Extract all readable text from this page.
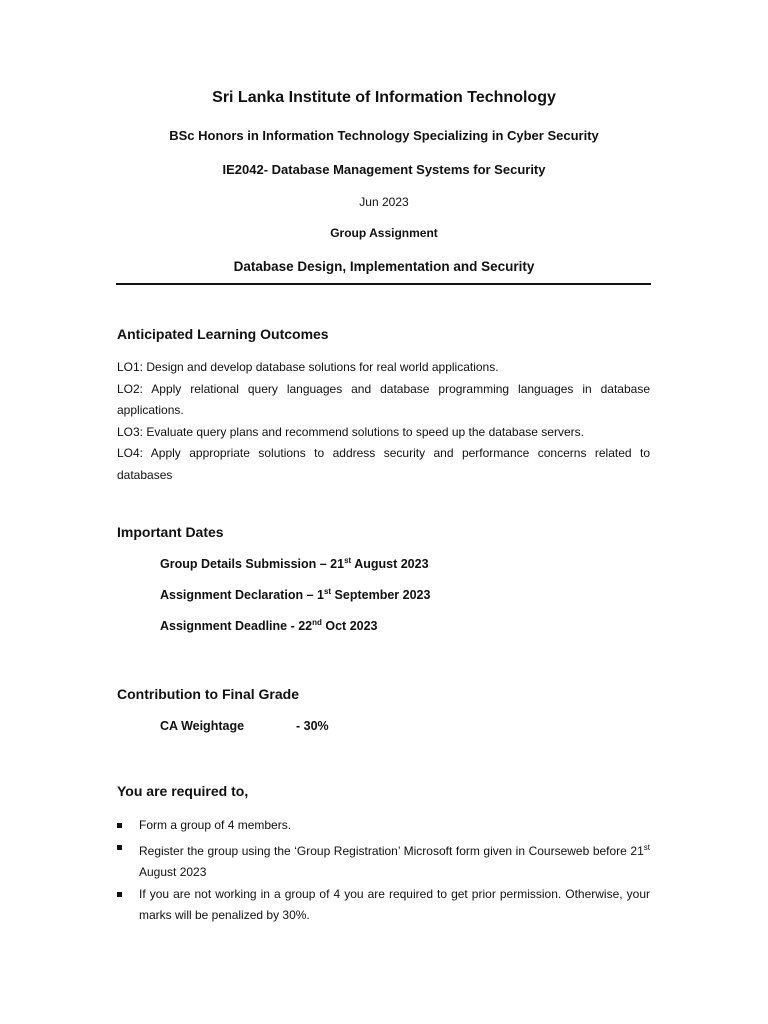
Sri Lanka Institute of Information Technology
BSc Honors in Information Technology Specializing in Cyber Security
IE2042- Database Management Systems for Security
Jun 2023
Group Assignment
Database Design, Implementation and Security
Anticipated Learning Outcomes

LO1: Design and develop database solutions for real world applications.

LO2: Apply relational query languages and database programming languages in database applications.

LO3: Evaluate query plans and recommend solutions to speed up the database servers.

LO4: Apply appropriate solutions to address security and performance concerns related to databases

Important Dates
Group Details Submission – 21st August 2023
Assignment Declaration – 1st September 2023
Assignment Deadline - 22nd Oct 2023
Contribution to Final Grade
CA Weightage	- 30%
You are required to,
Form a group of 4 members.
Register the group using the ‘Group Registration’ Microsoft form given in Courseweb before 21st August 2023
If you are not working in a group of 4 you are required to get prior permission. Otherwise, your marks will be penalized by 30%.
